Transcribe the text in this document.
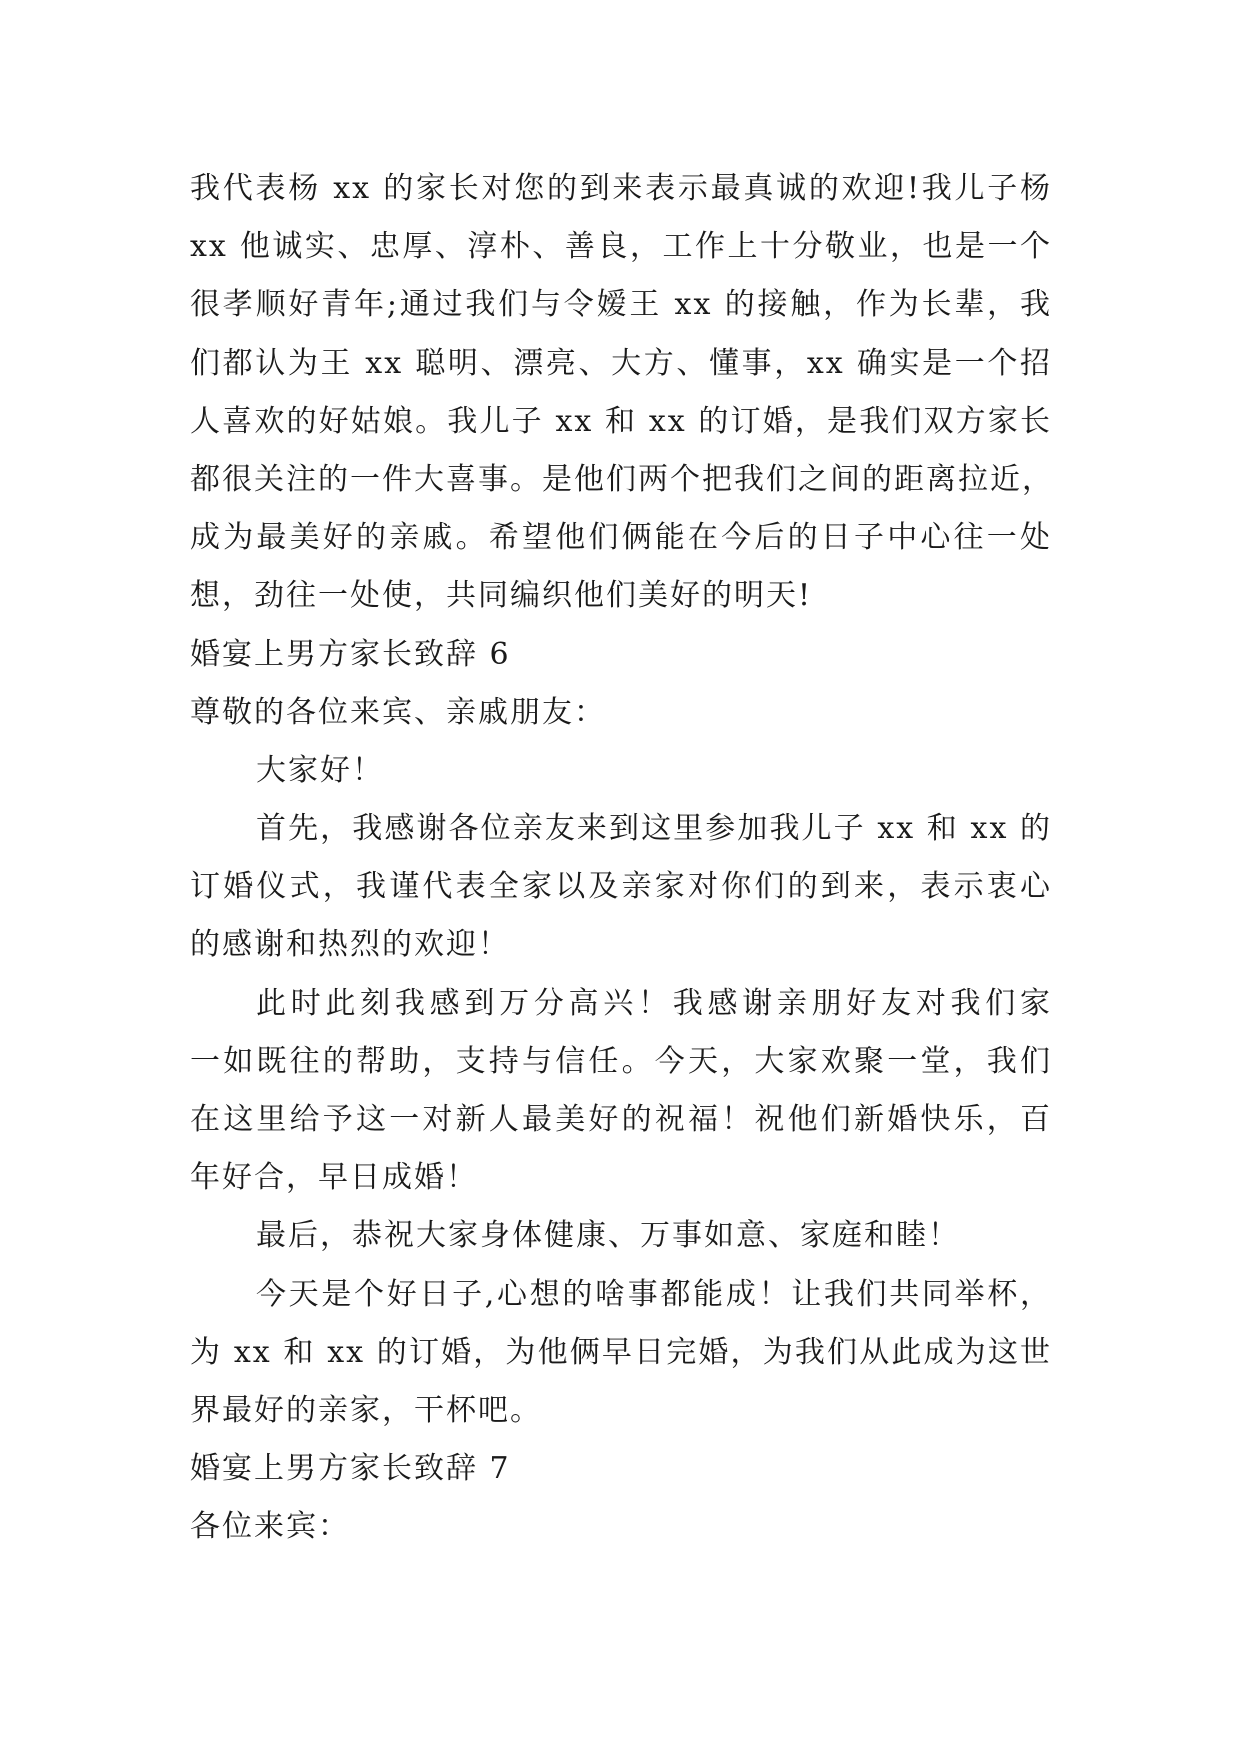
我代表杨 xx 的家长对您的到来表示最真诚的欢迎!我儿子杨
xx 他诚实、忠厚、淳朴、善良，工作上十分敬业，也是一个
很孝顺好青年;通过我们与令嫒王 xx 的接触，作为长辈，我
们都认为王 xx 聪明、漂亮、大方、懂事，xx 确实是一个招
人喜欢的好姑娘。我儿子 xx 和 xx 的订婚，是我们双方家长
都很关注的一件大喜事。是他们两个把我们之间的距离拉近，
成为最美好的亲戚。希望他们俩能在今后的日子中心往一处
想，劲往一处使，共同编织他们美好的明天!
婚宴上男方家长致辞 6
尊敬的各位来宾、亲戚朋友：
大家好！
首先，我感谢各位亲友来到这里参加我儿子 xx 和 xx 的
订婚仪式，我谨代表全家以及亲家对你们的到来，表示衷心
的感谢和热烈的欢迎！
此时此刻我感到万分高兴！我感谢亲朋好友对我们家
一如既往的帮助，支持与信任。今天，大家欢聚一堂，我们
在这里给予这一对新人最美好的祝福！祝他们新婚快乐，百
年好合，早日成婚！
最后，恭祝大家身体健康、万事如意、家庭和睦！
今天是个好日子,心想的啥事都能成！让我们共同举杯，
为 xx 和 xx 的订婚，为他俩早日完婚，为我们从此成为这世
界最好的亲家，干杯吧。
婚宴上男方家长致辞 7
各位来宾：
